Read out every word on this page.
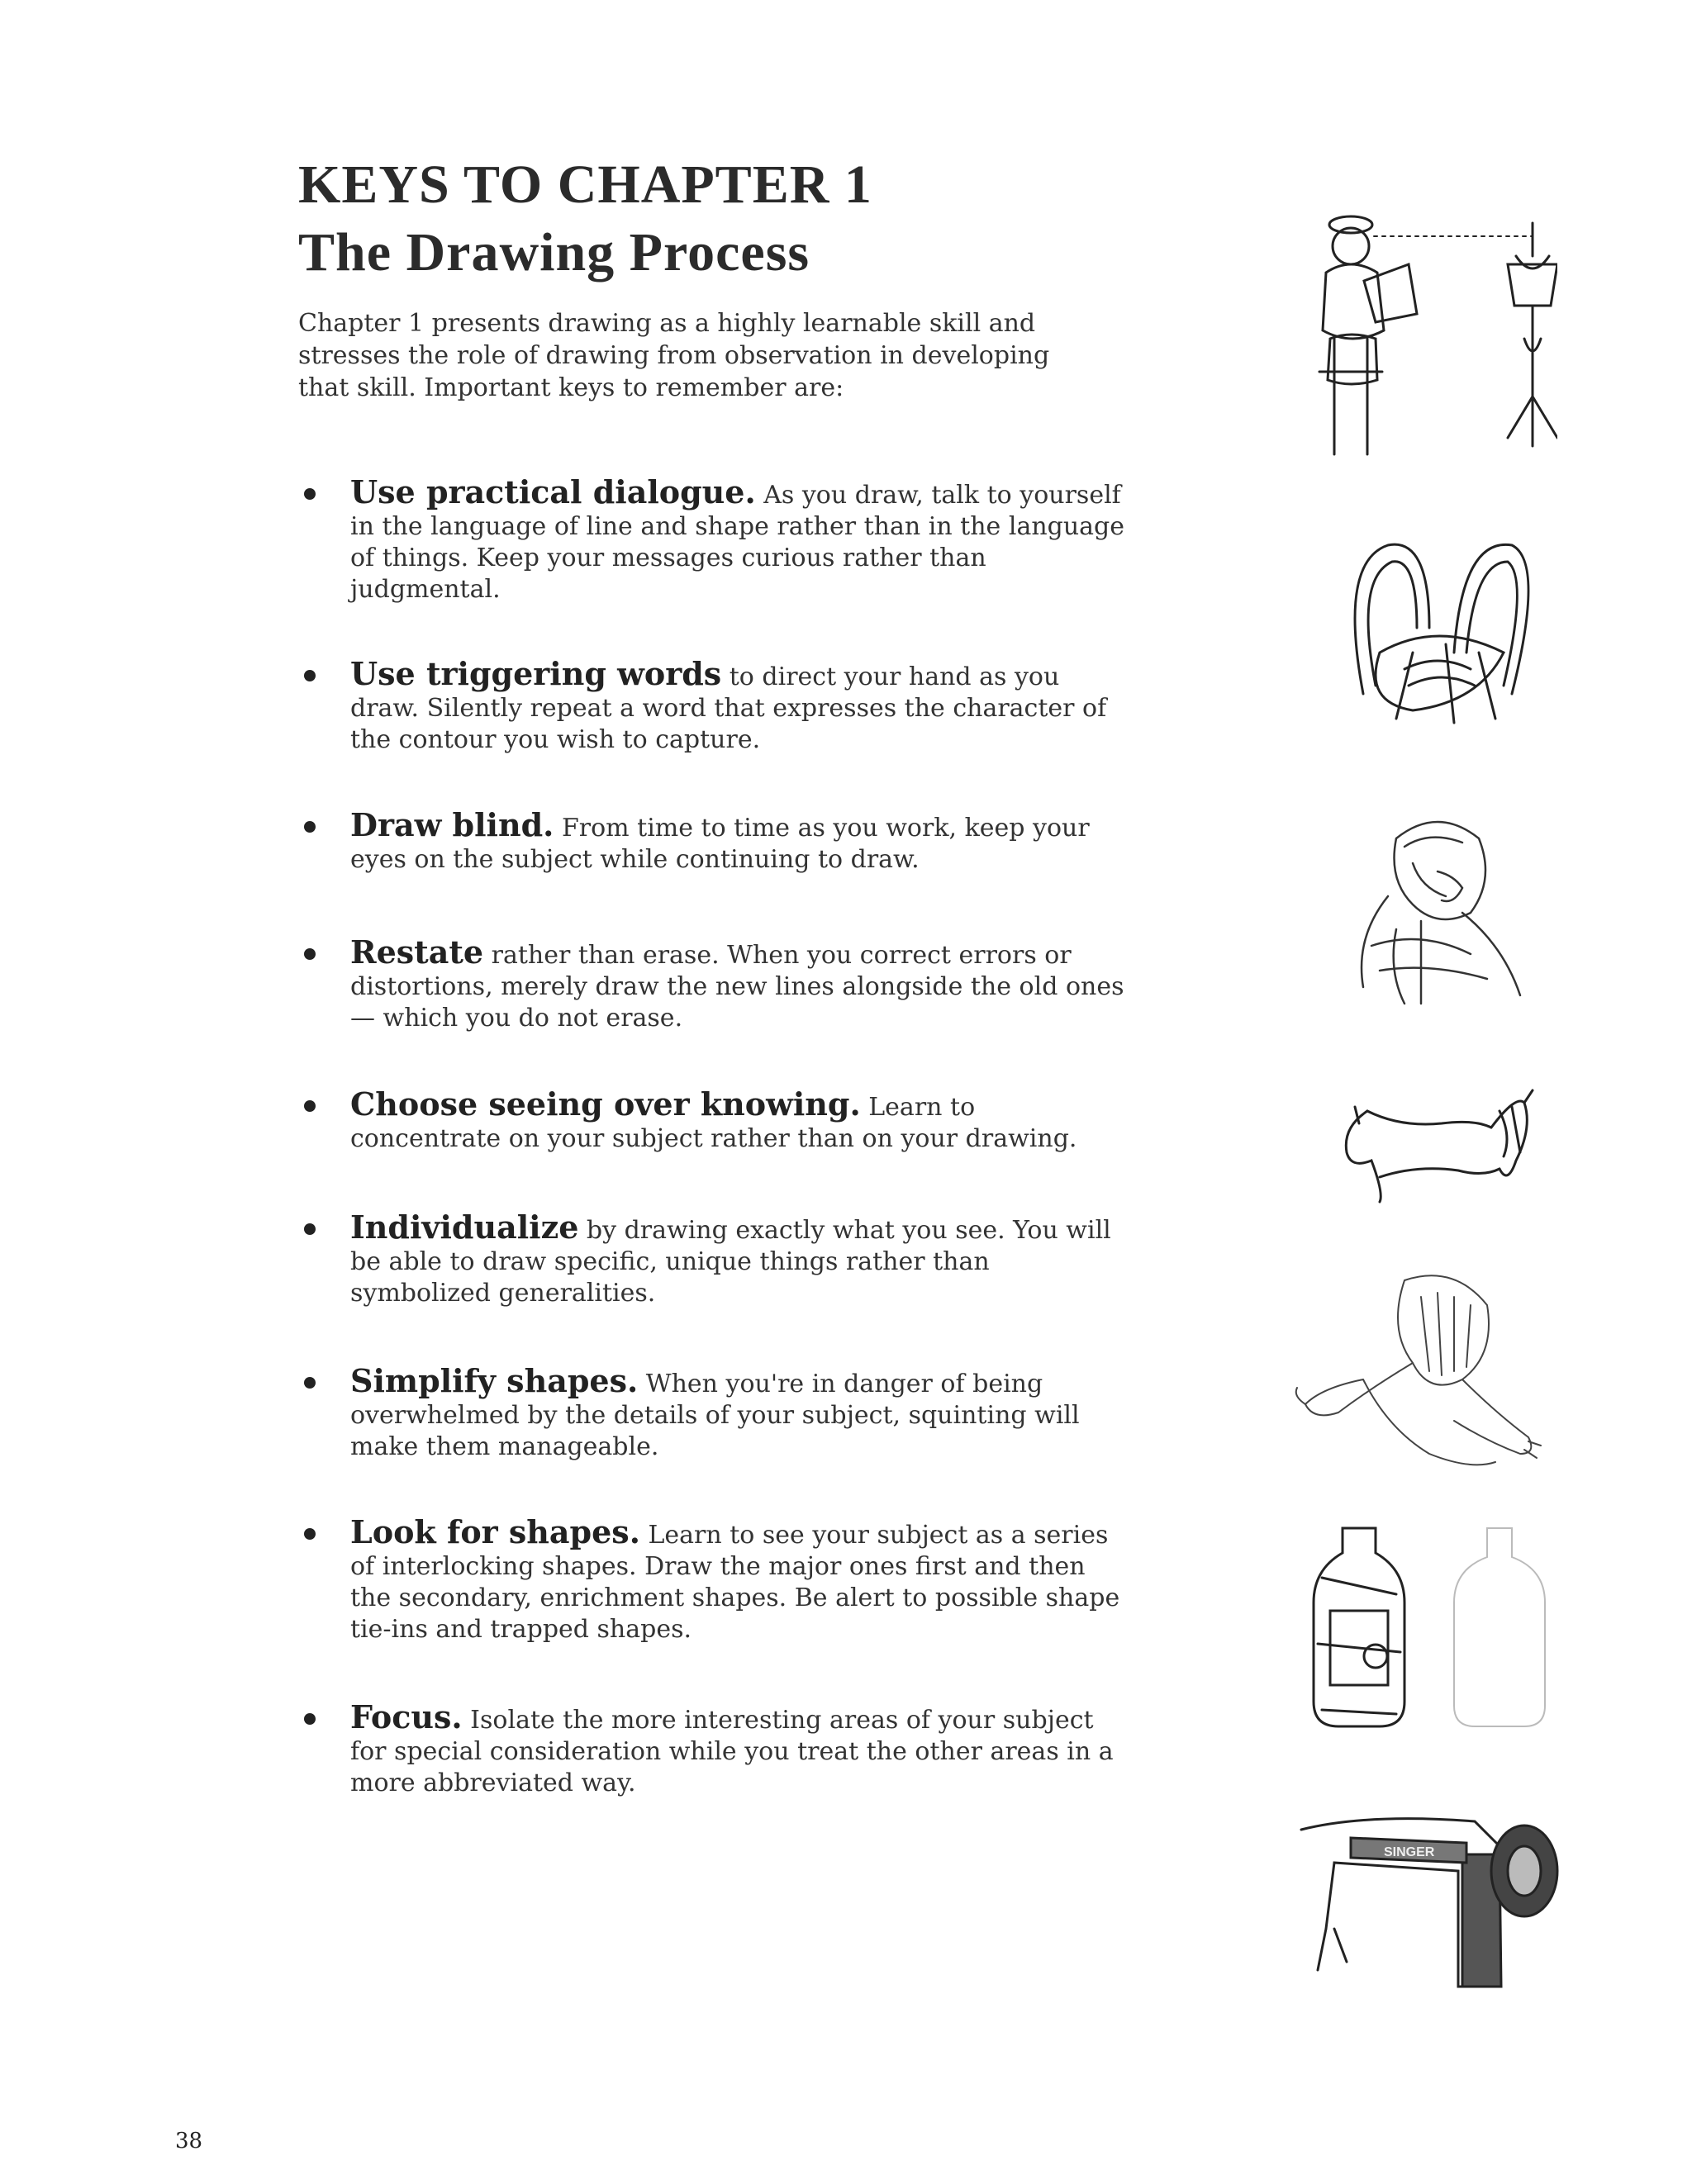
KEYS TO CHAPTER 1
The Drawing Process

Chapter 1 presents drawing as a highly learnable skill and stresses the role of drawing from observation in developing that skill. Important keys to remember are:

Use practical dialogue. As you draw, talk to yourself in the language of line and shape rather than in the language of things. Keep your messages curious rather than judgmental.
Use triggering words to direct your hand as you draw. Silently repeat a word that expresses the character of the contour you wish to capture.
Draw blind. From time to time as you work, keep your eyes on the subject while continuing to draw.
Restate rather than erase. When you correct errors or distortions, merely draw the new lines alongside the old ones — which you do not erase.
Choose seeing over knowing. Learn to concentrate on your subject rather than on your drawing.
Individualize by drawing exactly what you see. You will be able to draw specific, unique things rather than symbolized generalities.
Simplify shapes. When you're in danger of being overwhelmed by the details of your subject, squinting will make them manageable.
Look for shapes. Learn to see your subject as a series of interlocking shapes. Draw the major ones first and then the secondary, enrichment shapes. Be alert to possible shape tie-ins and trapped shapes.
Focus. Isolate the more interesting areas of your subject for special consideration while you treat the other areas in a more abbreviated way.
SINGER
38
